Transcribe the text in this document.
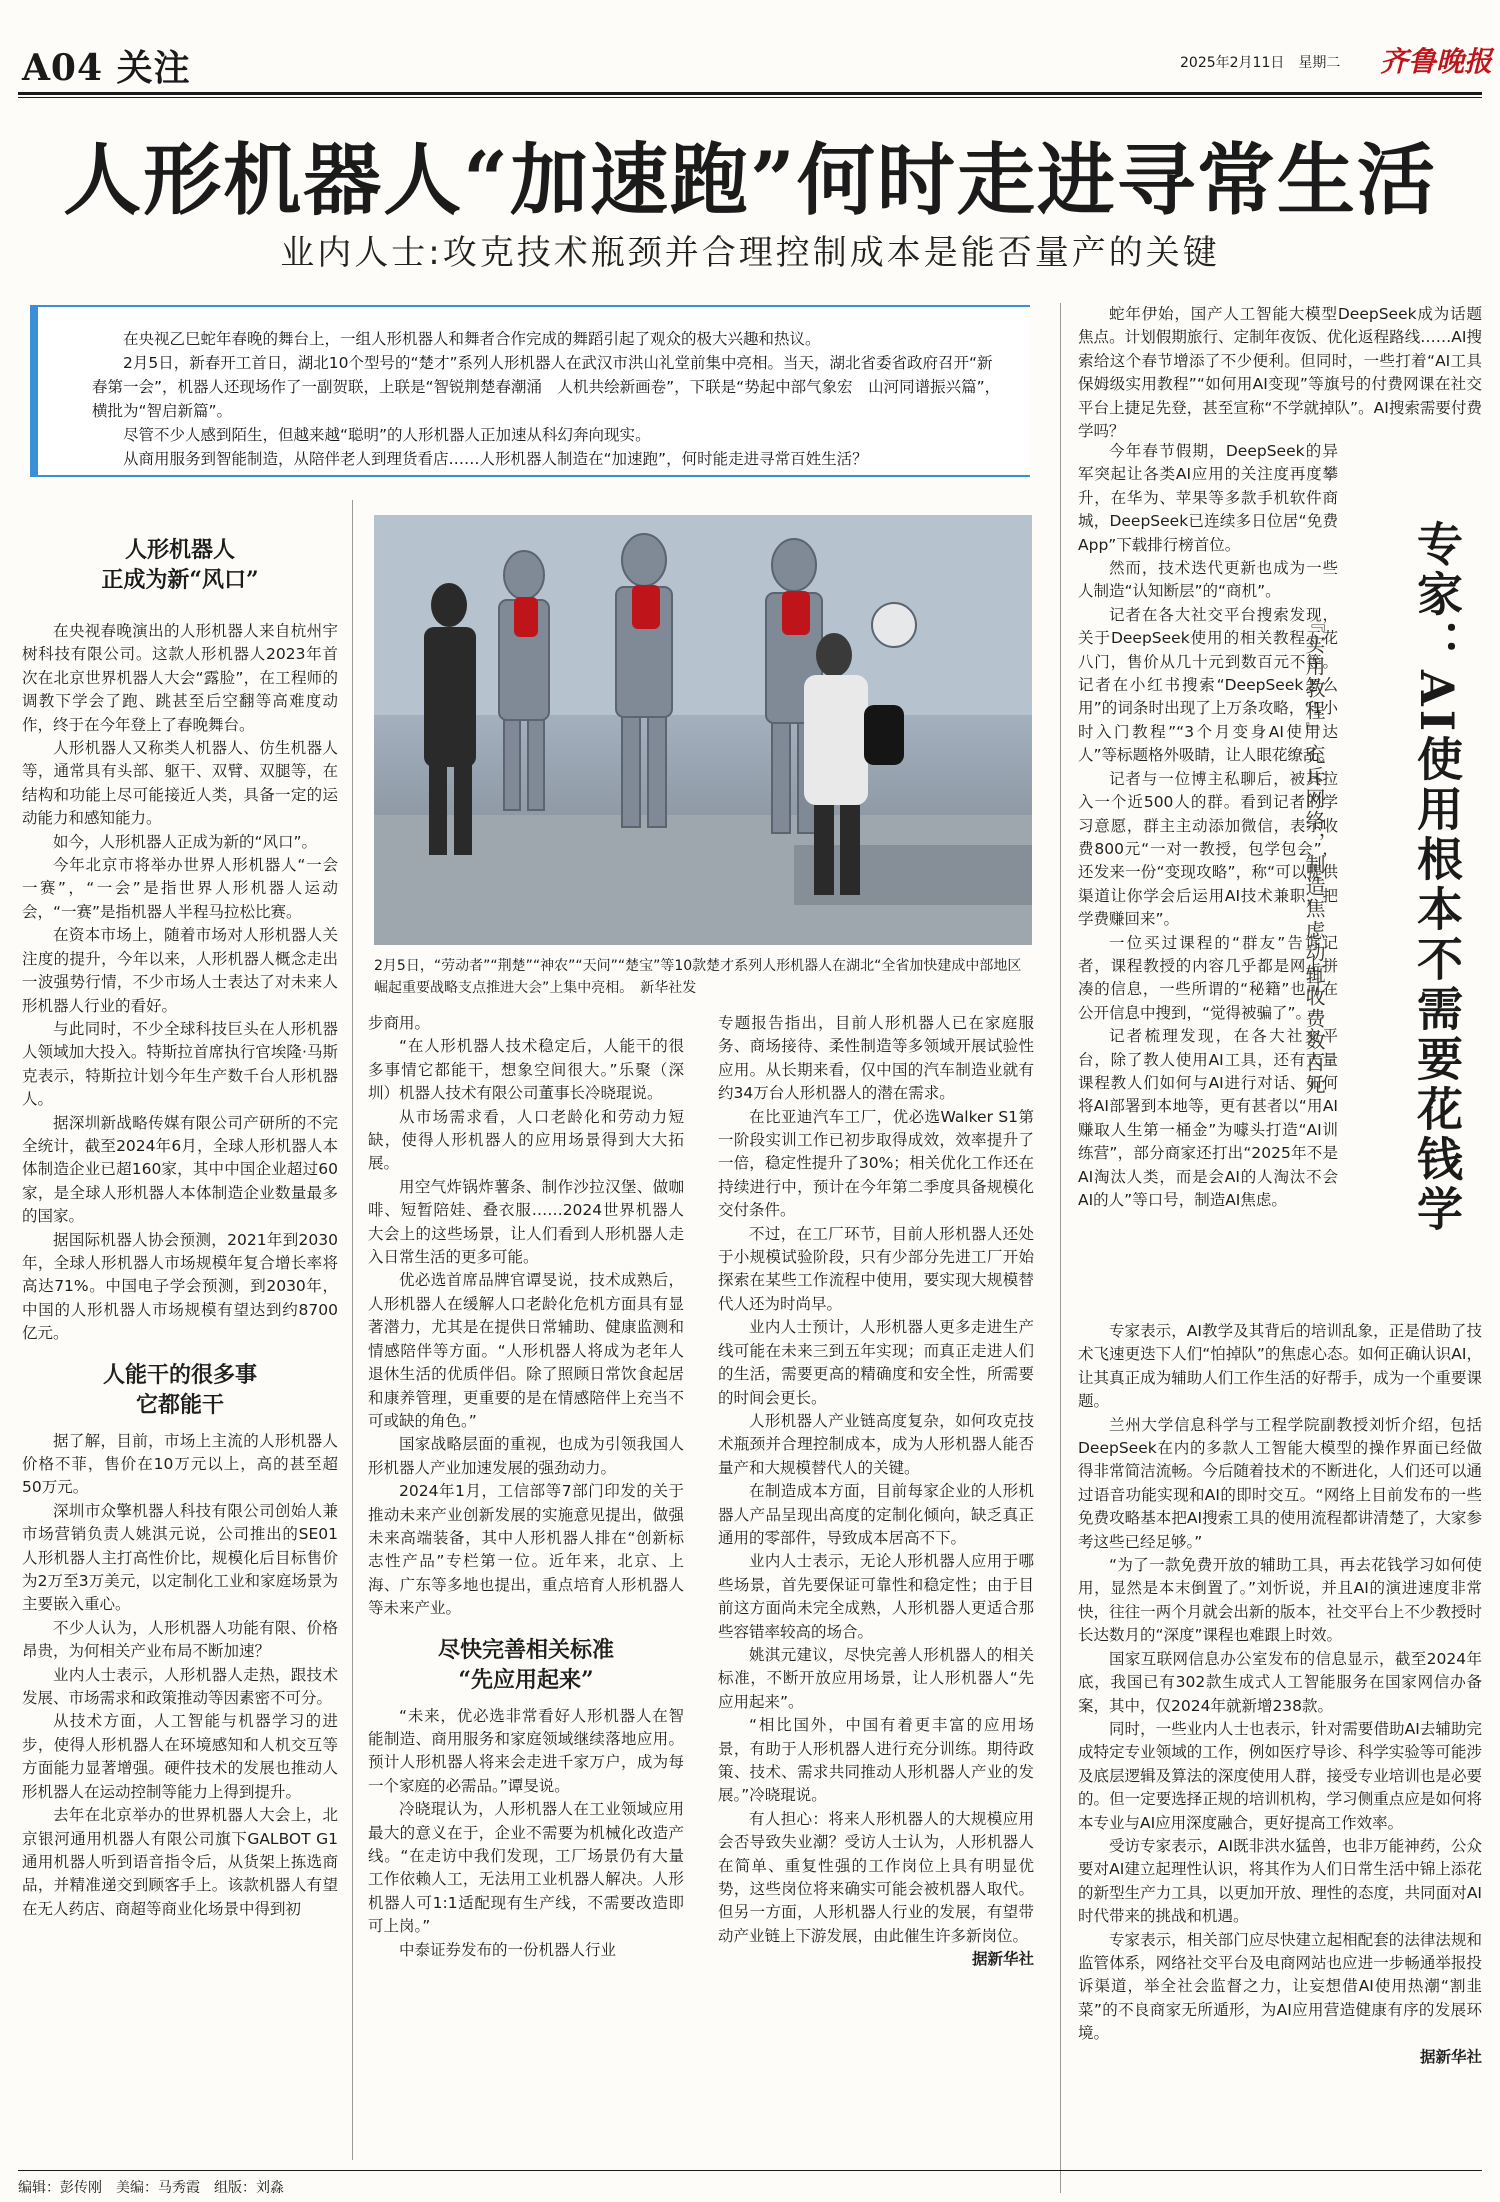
A04 关注	2025年2月11日　星期二 齐鲁晚报
人形机器人“加速跑”何时走进寻常生活
业内人士:攻克技术瓶颈并合理控制成本是能否量产的关键

在央视乙巳蛇年春晚的舞台上，一组人形机器人和舞者合作完成的舞蹈引起了观众的极大兴趣和热议。

2月5日，新春开工首日，湖北10个型号的“楚才”系列人形机器人在武汉市洪山礼堂前集中亮相。当天，湖北省委省政府召开“新春第一会”，机器人还现场作了一副贺联，上联是“智锐荆楚春潮涌　人机共绘新画卷”，下联是“势起中部气象宏　山河同谱振兴篇”，横批为“智启新篇”。

尽管不少人感到陌生，但越来越“聪明”的人形机器人正加速从科幻奔向现实。

从商用服务到智能制造，从陪伴老人到理货看店……人形机器人制造在“加速跑”，何时能走进寻常百姓生活？

人形机器人
正成为新“风口”

在央视春晚演出的人形机器人来自杭州宇树科技有限公司。这款人形机器人2023年首次在北京世界机器人大会“露脸”，在工程师的调教下学会了跑、跳甚至后空翻等高难度动作，终于在今年登上了春晚舞台。

人形机器人又称类人机器人、仿生机器人等，通常具有头部、躯干、双臂、双腿等，在结构和功能上尽可能接近人类，具备一定的运动能力和感知能力。

如今，人形机器人正成为新的“风口”。

今年北京市将举办世界人形机器人“一会一赛”，“一会”是指世界人形机器人运动会，“一赛”是指机器人半程马拉松比赛。

在资本市场上，随着市场对人形机器人关注度的提升，今年以来，人形机器人概念走出一波强势行情，不少市场人士表达了对未来人形机器人行业的看好。

与此同时，不少全球科技巨头在人形机器人领域加大投入。特斯拉首席执行官埃隆·马斯克表示，特斯拉计划今年生产数千台人形机器人。

据深圳新战略传媒有限公司产研所的不完全统计，截至2024年6月，全球人形机器人本体制造企业已超160家，其中中国企业超过60家，是全球人形机器人本体制造企业数量最多的国家。

据国际机器人协会预测，2021年到2030年，全球人形机器人市场规模年复合增长率将高达71%。中国电子学会预测，到2030年，中国的人形机器人市场规模有望达到约8700亿元。

人能干的很多事
它都能干

据了解，目前，市场上主流的人形机器人价格不菲，售价在10万元以上，高的甚至超50万元。

深圳市众擎机器人科技有限公司创始人兼市场营销负责人姚淇元说，公司推出的SE01人形机器人主打高性价比，规模化后目标售价为2万至3万美元，以定制化工业和家庭场景为主要嵌入重心。

不少人认为，人形机器人功能有限、价格昂贵，为何相关产业布局不断加速？

业内人士表示，人形机器人走热，跟技术发展、市场需求和政策推动等因素密不可分。

从技术方面，人工智能与机器学习的进步，使得人形机器人在环境感知和人机交互等方面能力显著增强。硬件技术的发展也推动人形机器人在运动控制等能力上得到提升。

去年在北京举办的世界机器人大会上，北京银河通用机器人有限公司旗下GALBOT G1通用机器人听到语音指令后，从货架上拣选商品，并精准递交到顾客手上。该款机器人有望在无人药店、商超等商业化场景中得到初

2月5日，“劳动者”“荆楚”“神农”“天问”“楚宝”等10款楚才系列人形机器人在湖北“全省加快建成中部地区崛起重要战略支点推进大会”上集中亮相。　新华社发

步商用。

“在人形机器人技术稳定后，人能干的很多事情它都能干，想象空间很大。”乐聚（深圳）机器人技术有限公司董事长冷晓琨说。

从市场需求看，人口老龄化和劳动力短缺，使得人形机器人的应用场景得到大大拓展。

用空气炸锅炸薯条、制作沙拉汉堡、做咖啡、短暂陪娃、叠衣服……2024世界机器人大会上的这些场景，让人们看到人形机器人走入日常生活的更多可能。

优必选首席品牌官谭旻说，技术成熟后，人形机器人在缓解人口老龄化危机方面具有显著潜力，尤其是在提供日常辅助、健康监测和情感陪伴等方面。“人形机器人将成为老年人退休生活的优质伴侣。除了照顾日常饮食起居和康养管理，更重要的是在情感陪伴上充当不可或缺的角色。”

国家战略层面的重视，也成为引领我国人形机器人产业加速发展的强劲动力。

2024年1月，工信部等7部门印发的关于推动未来产业创新发展的实施意见提出，做强未来高端装备，其中人形机器人排在“创新标志性产品”专栏第一位。近年来，北京、上海、广东等多地也提出，重点培育人形机器人等未来产业。

尽快完善相关标准
“先应用起来”

“未来，优必选非常看好人形机器人在智能制造、商用服务和家庭领域继续落地应用。预计人形机器人将来会走进千家万户，成为每一个家庭的必需品。”谭旻说。

冷晓琨认为，人形机器人在工业领域应用最大的意义在于，企业不需要为机械化改造产线。“在走访中我们发现，工厂场景仍有大量工作依赖人工，无法用工业机器人解决。人形机器人可1:1适配现有生产线，不需要改造即可上岗。”

中泰证券发布的一份机器人行业

专题报告指出，目前人形机器人已在家庭服务、商场接待、柔性制造等多领域开展试验性应用。从长期来看，仅中国的汽车制造业就有约34万台人形机器人的潜在需求。

在比亚迪汽车工厂，优必选Walker S1第一阶段实训工作已初步取得成效，效率提升了一倍，稳定性提升了30%；相关优化工作还在持续进行中，预计在今年第二季度具备规模化交付条件。

不过，在工厂环节，目前人形机器人还处于小规模试验阶段，只有少部分先进工厂开始探索在某些工作流程中使用，要实现大规模替代人还为时尚早。

业内人士预计，人形机器人更多走进生产线可能在未来三到五年实现；而真正走进人们的生活，需要更高的精确度和安全性，所需要的时间会更长。

人形机器人产业链高度复杂，如何攻克技术瓶颈并合理控制成本，成为人形机器人能否量产和大规模替代人的关键。

在制造成本方面，目前每家企业的人形机器人产品呈现出高度的定制化倾向，缺乏真正通用的零部件，导致成本居高不下。

业内人士表示，无论人形机器人应用于哪些场景，首先要保证可靠性和稳定性；由于目前这方面尚未完全成熟，人形机器人更适合那些容错率较高的场合。

姚淇元建议，尽快完善人形机器人的相关标准，不断开放应用场景，让人形机器人“先应用起来”。

“相比国外，中国有着更丰富的应用场景，有助于人形机器人进行充分训练。期待政策、技术、需求共同推动人形机器人产业的发展。”冷晓琨说。

有人担心：将来人形机器人的大规模应用会否导致失业潮？受访人士认为，人形机器人在简单、重复性强的工作岗位上具有明显优势，这些岗位将来确实可能会被机器人取代。但另一方面，人形机器人行业的发展，有望带动产业链上下游发展，由此催生许多新岗位。

据新华社

蛇年伊始，国产人工智能大模型DeepSeek成为话题焦点。计划假期旅行、定制年夜饭、优化返程路线……AI搜索给这个春节增添了不少便利。但同时，一些打着“AI工具保姆级实用教程”“如何用AI变现”等旗号的付费网课在社交平台上捷足先登，甚至宣称“不学就掉队”。AI搜索需要付费学吗？

今年春节假期，DeepSeek的异军突起让各类AI应用的关注度再度攀升，在华为、苹果等多款手机软件商城，DeepSeek已连续多日位居“免费App”下载排行榜首位。

然而，技术迭代更新也成为一些人制造“认知断层”的“商机”。

记者在各大社交平台搜索发现，关于DeepSeek使用的相关教程五花八门，售价从几十元到数百元不等。记者在小红书搜索“DeepSeek怎么用”的词条时出现了上万条攻略，“1小时入门教程”“3个月变身AI使用达人”等标题格外吸睛，让人眼花缭乱。

记者与一位博主私聊后，被其拉入一个近500人的群。看到记者的学习意愿，群主主动添加微信，表示收费800元“一对一教授，包学包会”，还发来一份“变现攻略”，称“可以提供渠道让你学会后运用AI技术兼职，把学费赚回来”。

一位买过课程的“群友”告诉记者，课程教授的内容几乎都是网上拼凑的信息，一些所谓的“秘籍”也可在公开信息中搜到，“觉得被骗了”。

记者梳理发现，在各大社交平台，除了教人使用AI工具，还有大量课程教人们如何与AI进行对话、如何将AI部署到本地等，更有甚者以“用AI赚取人生第一桶金”为噱头打造“AI训练营”，部分商家还打出“2025年不是AI淘汰人类，而是会AI的人淘汰不会AI的人”等口号，制造AI焦虑。	专家：AI使用根本不需要花钱学
『实用教程』充斥网络，制造焦虑动辄收费数百元

专家表示，AI教学及其背后的培训乱象，正是借助了技术飞速更迭下人们“怕掉队”的焦虑心态。如何正确认识AI，让其真正成为辅助人们工作生活的好帮手，成为一个重要课题。

兰州大学信息科学与工程学院副教授刘忻介绍，包括DeepSeek在内的多款人工智能大模型的操作界面已经做得非常简洁流畅。今后随着技术的不断进化，人们还可以通过语音功能实现和AI的即时交互。“网络上目前发布的一些免费攻略基本把AI搜索工具的使用流程都讲清楚了，大家参考这些已经足够。”

“为了一款免费开放的辅助工具，再去花钱学习如何使用，显然是本末倒置了。”刘忻说，并且AI的演进速度非常快，往往一两个月就会出新的版本，社交平台上不少教授时长达数月的“深度”课程也难跟上时效。

国家互联网信息办公室发布的信息显示，截至2024年底，我国已有302款生成式人工智能服务在国家网信办备案，其中，仅2024年就新增238款。

同时，一些业内人士也表示，针对需要借助AI去辅助完成特定专业领域的工作，例如医疗导诊、科学实验等可能涉及底层逻辑及算法的深度使用人群，接受专业培训也是必要的。但一定要选择正规的培训机构，学习侧重点应是如何将本专业与AI应用深度融合，更好提高工作效率。

受访专家表示，AI既非洪水猛兽，也非万能神药，公众要对AI建立起理性认识，将其作为人们日常生活中锦上添花的新型生产力工具，以更加开放、理性的态度，共同面对AI时代带来的挑战和机遇。

专家表示，相关部门应尽快建立起相配套的法律法规和监管体系，网络社交平台及电商网站也应进一步畅通举报投诉渠道，举全社会监督之力，让妄想借AI使用热潮“割韭菜”的不良商家无所遁形，为AI应用营造健康有序的发展环境。

据新华社
编辑：彭传刚　美编：马秀霞　组版：刘淼
